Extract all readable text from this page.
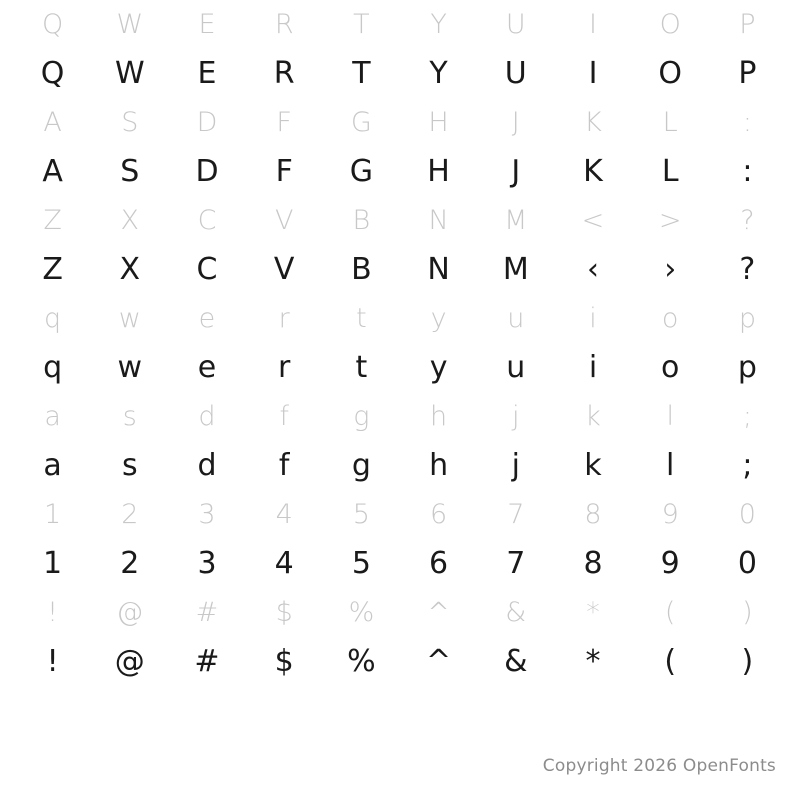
Q	W	E	R	T	Y	U	I	O	P
Q	W	E	R	T	Y	U	I	O	P
A	S	D	F	G	H	J	K	L	:
A	S	D	F	G	H	J	K	L	:
Z	X	C	V	B	N	M	<	>	?
Z	X	C	V	B	N	M	‹	›	?
q	w	e	r	t	y	u	i	o	p
q	w	e	r	t	y	u	i	o	p
a	s	d	f	g	h	j	k	l	;
a	s	d	f	g	h	j	k	l	;
1	2	3	4	5	6	7	8	9	0
1	2	3	4	5	6	7	8	9	0
!	@	#	$	%	^	&	*	(	)
!	@	#	$	%	^	&	*	(	)
Copyright 2026 OpenFonts
